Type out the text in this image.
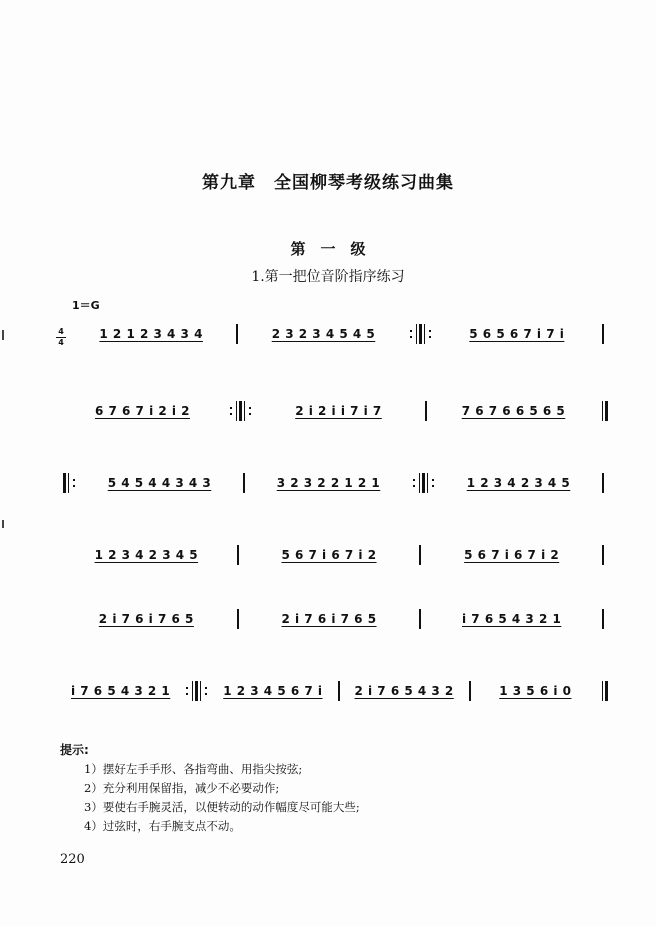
第九章　全国柳琴考级练习曲集
第　一　级
1.第一把位音阶指序练习
1＝G
4
4
1 2 1 2 3 4 3 4	2 3 2 3 4 5 4 5	5 6 5 6 7 i 7 i
6 7 6 7 i 2 i 2	2 i 2 i i 7 i 7	7 6 7 6 6 5 6 5
5 4 5 4 4 3 4 3	3 2 3 2 2 1 2 1	1 2 3 4 2 3 4 5
1 2 3 4 2 3 4 5	5 6 7 i 6 7 i 2	5 6 7 i 6 7 i 2
2 i 7 6 i 7 6 5	2 i 7 6 i 7 6 5	i 7 6 5 4 3 2 1
i 7 6 5 4 3 2 1	1 2 3 4 5 6 7 i	2 i 7 6 5 4 3 2	1 3 5 6 i 0
提示:
1）摆好左手手形、各指弯曲、用指尖按弦;
2）充分利用保留指，减少不必要动作;
3）要使右手腕灵活，以便转动的动作幅度尽可能大些;
4）过弦时，右手腕支点不动。
220
